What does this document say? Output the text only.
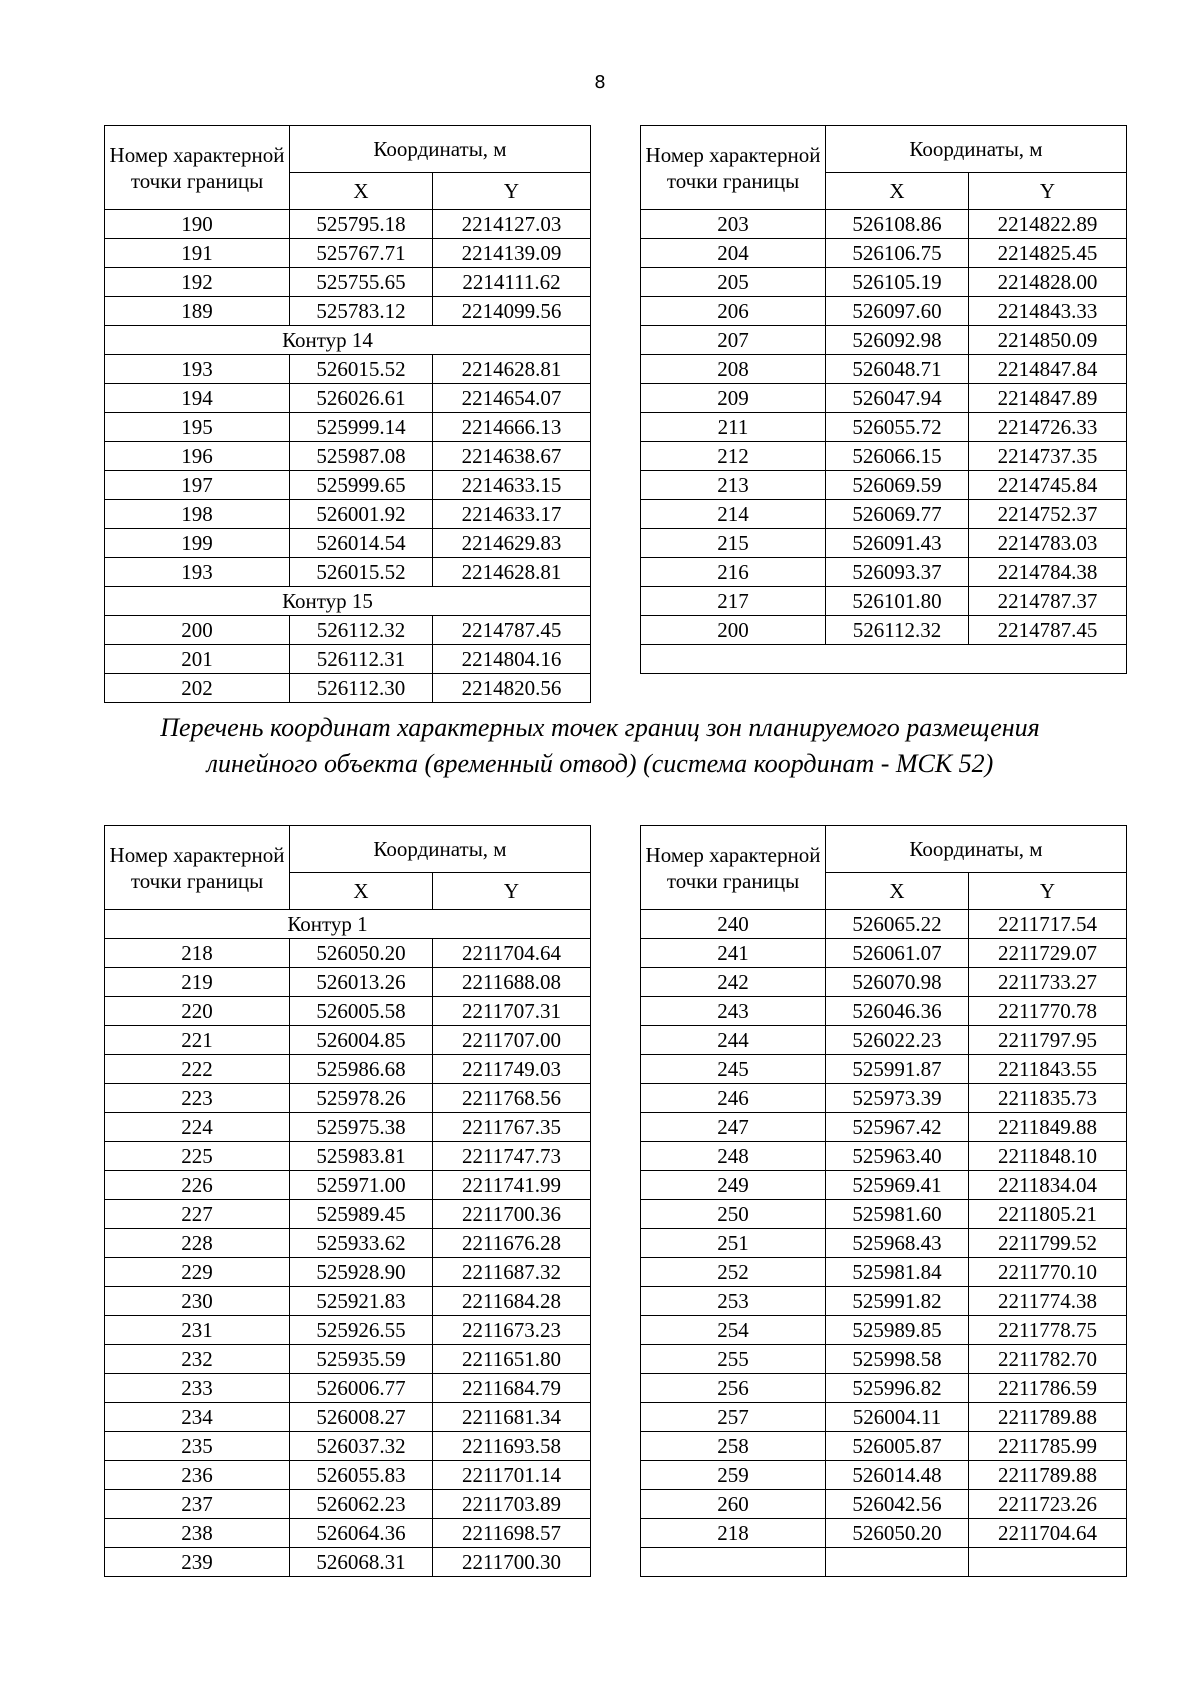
8
Номер характерной точки границы	Координаты, м	
	X	Y
190	525795.18	2214127.03
191	525767.71	2214139.09
192	525755.65	2214111.62
189	525783.12	2214099.56
Контур 14		
193	526015.52	2214628.81
194	526026.61	2214654.07
195	525999.14	2214666.13
196	525987.08	2214638.67
197	525999.65	2214633.15
198	526001.92	2214633.17
199	526014.54	2214629.83
193	526015.52	2214628.81
Контур 15		
200	526112.32	2214787.45
201	526112.31	2214804.16
202	526112.30	2214820.56
Номер характерной точки границы	Координаты, м	
	X	Y
203	526108.86	2214822.89
204	526106.75	2214825.45
205	526105.19	2214828.00
206	526097.60	2214843.33
207	526092.98	2214850.09
208	526048.71	2214847.84
209	526047.94	2214847.89
211	526055.72	2214726.33
212	526066.15	2214737.35
213	526069.59	2214745.84
214	526069.77	2214752.37
215	526091.43	2214783.03
216	526093.37	2214784.38
217	526101.80	2214787.37
200	526112.32	2214787.45

Перечень координат характерных точек границ зон планируемого размещения
линейного объекта (временный отвод) (система координат - МСК 52)
Номер характерной точки границы	Координаты, м	
	X	Y
Контур 1		
218	526050.20	2211704.64
219	526013.26	2211688.08
220	526005.58	2211707.31
221	526004.85	2211707.00
222	525986.68	2211749.03
223	525978.26	2211768.56
224	525975.38	2211767.35
225	525983.81	2211747.73
226	525971.00	2211741.99
227	525989.45	2211700.36
228	525933.62	2211676.28
229	525928.90	2211687.32
230	525921.83	2211684.28
231	525926.55	2211673.23
232	525935.59	2211651.80
233	526006.77	2211684.79
234	526008.27	2211681.34
235	526037.32	2211693.58
236	526055.83	2211701.14
237	526062.23	2211703.89
238	526064.36	2211698.57
239	526068.31	2211700.30
Номер характерной точки границы	Координаты, м	
	X	Y
240	526065.22	2211717.54
241	526061.07	2211729.07
242	526070.98	2211733.27
243	526046.36	2211770.78
244	526022.23	2211797.95
245	525991.87	2211843.55
246	525973.39	2211835.73
247	525967.42	2211849.88
248	525963.40	2211848.10
249	525969.41	2211834.04
250	525981.60	2211805.21
251	525968.43	2211799.52
252	525981.84	2211770.10
253	525991.82	2211774.38
254	525989.85	2211778.75
255	525998.58	2211782.70
256	525996.82	2211786.59
257	526004.11	2211789.88
258	526005.87	2211785.99
259	526014.48	2211789.88
260	526042.56	2211723.26
218	526050.20	2211704.64
